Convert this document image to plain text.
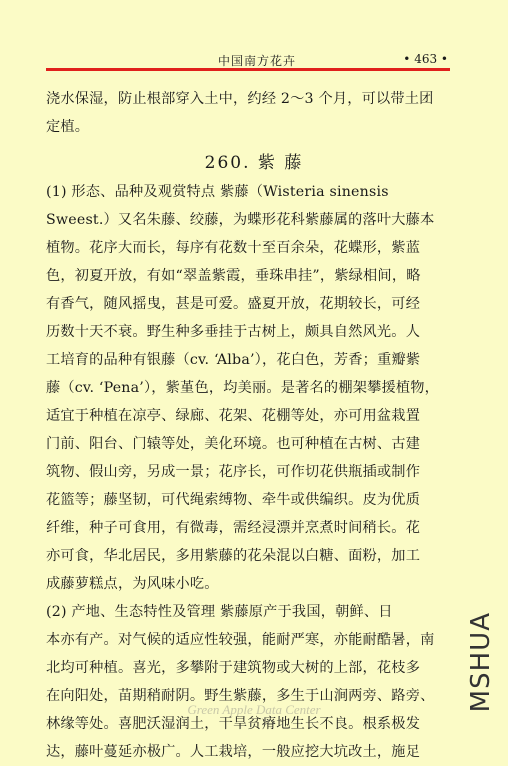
中国南方花卉	• 463 •
浇水保湿，防止根部穿入土中，约经 2～3 个月，可以带土团
定植。
260. 紫 藤
(1) 形态、品种及观赏特点 紫藤（Wisteria sinensis
Sweest.）又名朱藤、绞藤，为蝶形花科紫藤属的落叶大藤本
植物。花序大而长，每序有花数十至百余朵，花蝶形，紫蓝
色，初夏开放，有如“翠盖紫霞，垂珠串挂”，紫绿相间，略
有香气，随风摇曳，甚是可爱。盛夏开放，花期较长，可经
历数十天不衰。野生种多垂挂于古树上，颇具自然风光。人
工培育的品种有银藤（cv. ‘Alba’），花白色，芳香；重瓣紫
藤（cv. ‘Pena’），紫堇色，均美丽。是著名的棚架攀援植物，
适宜于种植在凉亭、绿廊、花架、花棚等处，亦可用盆栽置
门前、阳台、门辕等处，美化环境。也可种植在古树、古建
筑物、假山旁，另成一景；花序长，可作切花供瓶插或制作
花篮等；藤坚韧，可代绳索缚物、牵牛或供编织。皮为优质
纤维，种子可食用，有微毒，需经浸漂并烹煮时间稍长。花
亦可食，华北居民，多用紫藤的花朵混以白糖、面粉，加工
成藤萝糕点，为风味小吃。
(2) 产地、生态特性及管理 紫藤原产于我国，朝鲜、日
本亦有产。对气候的适应性较强，能耐严寒，亦能耐酷暑，南
北均可种植。喜光，多攀附于建筑物或大树的上部，花枝多
在向阳处，苗期稍耐阴。野生紫藤，多生于山涧两旁、路旁、
林缘等处。喜肥沃湿润土，干旱贫瘠地生长不良。根系极发
达，藤叶蔓延亦极广。人工栽培，一般应挖大坑改土，施足
MSHUA
Green Apple Data Center
